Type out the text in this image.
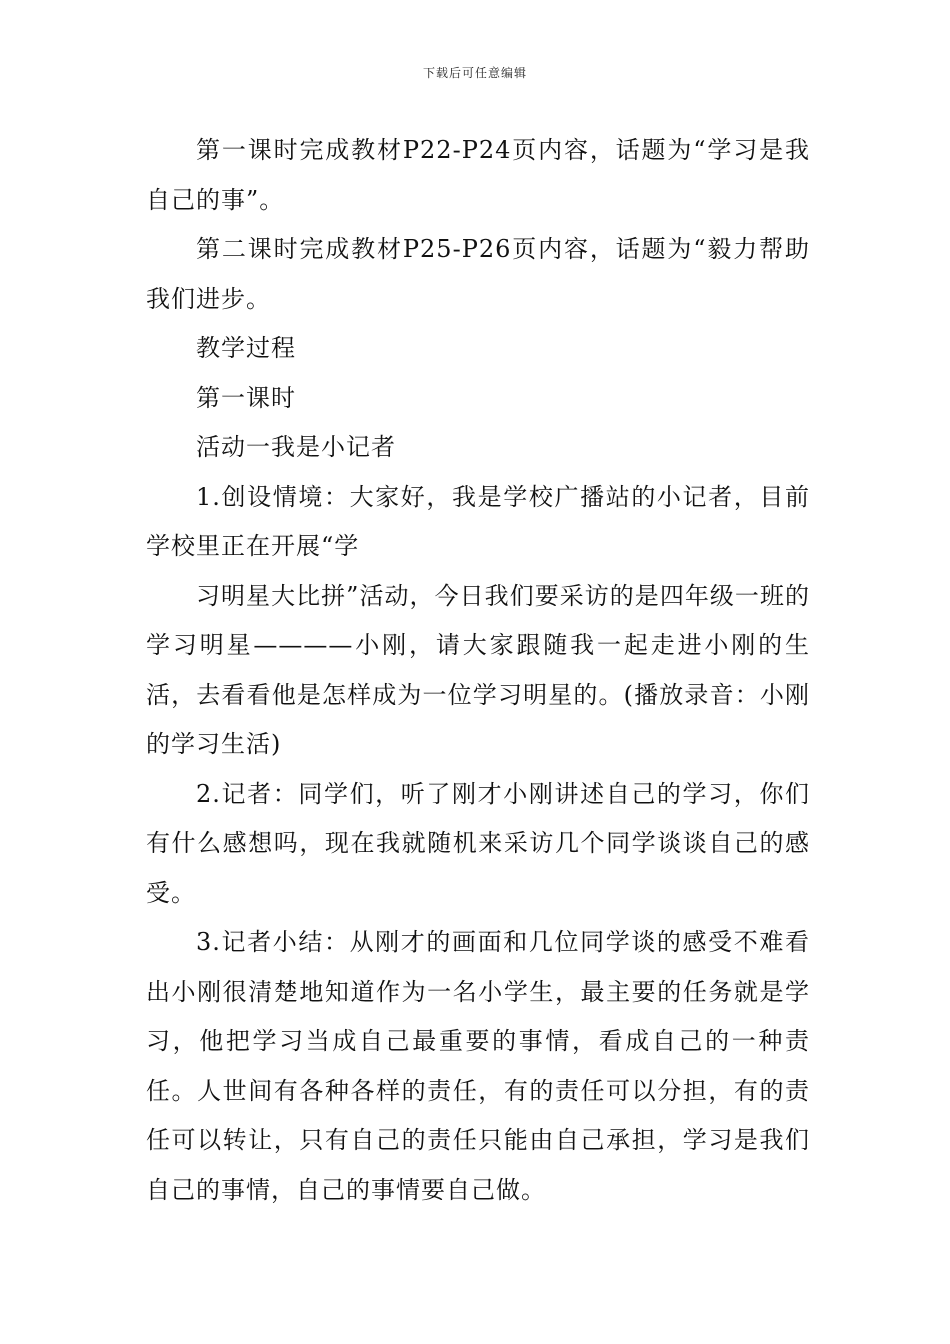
下载后可任意编辑

第一课时完成教材P22-P24页内容，话题为“学习是我自己的事”。

第二课时完成教材P25-P26页内容，话题为“毅力帮助我们进步。

教学过程

第一课时

活动一我是小记者

1.创设情境：大家好，我是学校广播站的小记者，目前学校里正在开展“学

习明星大比拼”活动，今日我们要采访的是四年级一班的学习明星————小刚，请大家跟随我一起走进小刚的生活，去看看他是怎样成为一位学习明星的。(播放录音：小刚的学习生活)

2.记者：同学们，听了刚才小刚讲述自己的学习，你们有什么感想吗，现在我就随机来采访几个同学谈谈自己的感受。

3.记者小结：从刚才的画面和几位同学谈的感受不难看出小刚很清楚地知道作为一名小学生，最主要的任务就是学习，他把学习当成自己最重要的事情，看成自己的一种责任。人世间有各种各样的责任，有的责任可以分担，有的责任可以转让，只有自己的责任只能由自己承担，学习是我们自己的事情，自己的事情要自己做。
